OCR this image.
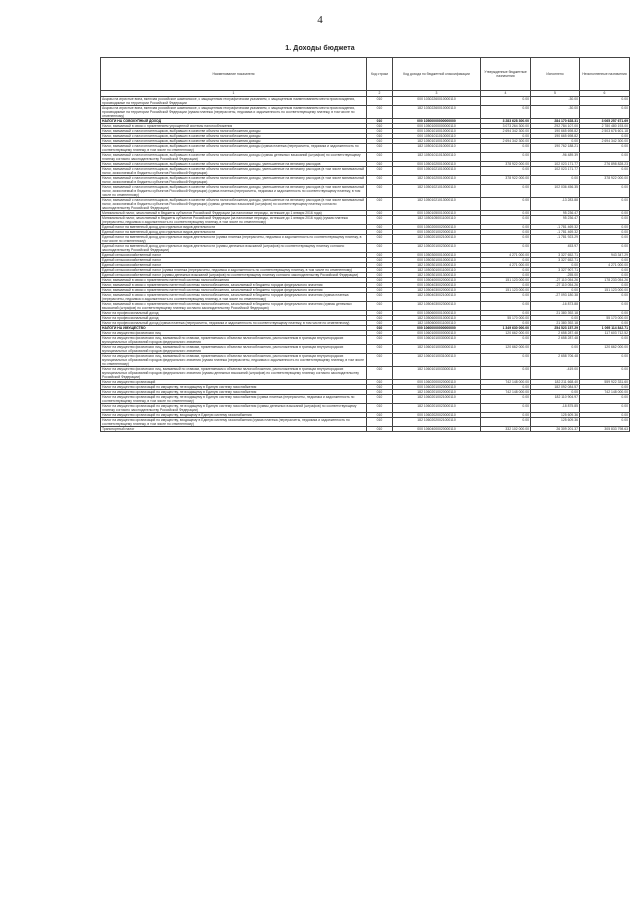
4
1. Доходы бюджета
Наименование показателя	Код строки	Код дохода по бюджетной классификации	Утвержденные бюджетные назначения	Исполнено	Неисполненные назначения
1	2	3	4	5	6
Акцизы на игристые вина, включая российское шампанское, с защищенным географическим указанием, с защищенным наименованием места происхождения, производимые на территории Российской Федерации	010	000 10302260010000110	0.00	-30.00	0.00
Акцизы на игристые вина, включая российское шампанское, с защищенным географическим указанием, с защищенным наименованием места происхождения, производимые на территории Российской Федерации (сумма платежа (перерасчеты, недоимка и задолженность по соответствующему платежу, в том числе по отмененному)	010	182 10302260010000110	0.00	-30.00	0.00
НАЛОГИ НА СОВОКУПНЫЙ ДОХОД	010	000 10500000000000000	3 283 628 300.00	284 170 628.31	3 065 257 671.69
Налог, взимаемый в связи с применением упрощенной системы налогообложения	010	000 10501000000000110	3 073 264 300.00	292 784 107.00	2 780 480 193.00
Налог, взимаемый с налогоплательщиков, выбравших в качестве объекта налогообложения доходы	010	000 10501010010000110	2 694 342 300.00	190 665 698.82	2 503 676 601.18
Налог, взимаемый с налогоплательщиков, выбравших в качестве объекта налогообложения доходы	010	000 10501011010000110	0.00	190 665 698.82	0.00
Налог, взимаемый с налогоплательщиков, выбравших в качестве объекта налогообложения доходы	010	182 10501010010000110	2 694 342 300.00	0.00	2 694 342 300.00
Налог, взимаемый с налогоплательщиков, выбравших в качестве объекта налогообложения доходы (сумма платежа (перерасчеты, недоимка и задолженность по соответствующему платежу, в том числе по отмененному)	010	182 10501011010000110	0.00	190 762 188.21	0.00
Налог, взимаемый с налогоплательщиков, выбравших в качестве объекта налогообложения доходы (суммы денежных взысканий (штрафов) по соответствующему платежу согласно законодательству Российской Федерации)	010	182 10501011013000110	0.00	-96 489.39	0.00
Налог, взимаемый с налогоплательщиков, выбравших в качестве объекта налогообложения доходы, уменьшенные на величину расходов	010	000 10501020010000110	378 922 000.00	102 023 171.77	276 898 828.23
Налог, взимаемый с налогоплательщиков, выбравших в качестве объекта налогообложения доходы, уменьшенные на величину расходов (в том числе минимальный налог, зачисляемый в бюджеты субъектов Российской Федерации)	010	000 10501021010000110	0.00	102 023 171.77	0.00
Налог, взимаемый с налогоплательщиков, выбравших в качестве объекта налогообложения доходы, уменьшенные на величину расходов (в том числе минимальный налог, зачисляемый в бюджеты субъектов Российской Федерации)	010	182 10501020010000110	378 922 000.00	0.00	378 922 000.00
Налог, взимаемый с налогоплательщиков, выбравших в качестве объекта налогообложения доходы, уменьшенные на величину расходов (в том числе минимальный налог, зачисляемый в бюджеты субъектов Российской Федерации) (сумма платежа (перерасчеты, недоимка и задолженность по соответствующему платежу, в том числе по отмененному)	010	182 10501021010000110	0.00	102 036 456.35	0.00
Налог, взимаемый с налогоплательщиков, выбравших в качестве объекта налогообложения доходы, уменьшенные на величину расходов (в том числе минимальный налог, зачисляемый в бюджеты субъектов Российской Федерации) (суммы денежных взысканий (штрафов) по соответствующему платежу согласно законодательству Российской Федерации)	010	182 10501021013000110	0.00	-13 283.88	0.00
Минимальный налог, зачисляемый в бюджеты субъектов Российской Федерации (за налоговые периоды, истекшие до 1 января 2016 года)	010	000 10501050010000110	0.00	95 236.47	0.00
Минимальный налог, зачисляемый в бюджеты субъектов Российской Федерации (за налоговые периоды, истекшие до 1 января 2016 года) (сумма платежа (перерасчеты, недоимка и задолженность по соответствующему платежу, в том числе по отмененному)	010	182 10501050011000110	0.00	95 236.47	0.00
Единый налог на вмененный доход для отдельных видов деятельности	010	000 10502000020000110	0.00	-1 781 469.32	0.00
Единый налог на вмененный доход для отдельных видов деятельности	010	000 10502010020000110	0.00	-1 781 469.32	0.00
Единый налог на вмененный доход для отдельных видов деятельности (сумма платежа (перерасчеты, недоимка и задолженность по соответствующему платежу, в том числе по отмененному)	010	182 10502010021000110	0.00	-1 781 923.29	0.00
Единый налог на вмененный доход для отдельных видов деятельности (суммы денежных взысканий (штрафов) по соответствующему платежу согласно законодательству Российской Федерации)	010	182 10502010023000110	0.00	453.97	0.00
Единый сельскохозяйственный налог	010	000 10503000010000110	4 271 000.00	3 327 652.71	943 347.29
Единый сельскохозяйственный налог	010	000 10503010010000110	0.00	3 327 652.71	0.00
Единый сельскохозяйственный налог	010	182 10503010010000110	4 271 000.00	0.00	4 271 000.00
Единый сельскохозяйственный налог (сумма платежа (перерасчеты, недоимка и задолженность по соответствующему платежу, в том числе по отмененному)	010	182 10503010011000110	0.00	3 327 907.71	0.00
Единый сельскохозяйственный налог (суммы денежных взысканий (штрафов) по соответствующему платежу согласно законодательству Российской Федерации)	010	182 10503010013000110	0.00	-255.00	0.00
Налог, взимаемый в связи с применением патентной системы налогообложения	010	000 10504000020000110	151 123 000.00	-27 110 054.26	178 233 054.26
Налог, взимаемый в связи с применением патентной системы налогообложения, зачисляемый в бюджеты городов федерального значения	010	000 10504030020000110	0.00	-27 110 054.26	0.00
Налог, взимаемый в связи с применением патентной системы налогообложения, зачисляемый в бюджеты городов федерального значения	010	182 10504030020000110	151 123 000.00	0.00	151 123 000.00
Налог, взимаемый в связи с применением патентной системы налогообложения, зачисляемый в бюджеты городов федерального значения (сумма платежа (перерасчеты, недоимка и задолженность по соответствующему платежу, в том числе по отмененному)	010	182 10504030021000110	0.00	-27 093 180.38	0.00
Налог, взимаемый в связи с применением патентной системы налогообложения, зачисляемый в бюджеты городов федерального значения (суммы денежных взысканий (штрафов) по соответствующему платежу согласно законодательству Российской Федерации)	010	182 10504030023000110	0.00	-16 873.88	0.00
Налог на профессиональный доход	010	000 10506000010000110	0.00	21 380 392.18	0.00
Налог на профессиональный доход	010	182 10506000010000110	55 170 000.00	0.00	55 170 000.00
Налог на профессиональный доход (сумма платежа (перерасчеты, недоимка и задолженность по соответствующему платежу, в том числе по отмененному)	010	182 10506000011000110	0.00	21 380 392.18	0.00
НАЛОГИ НА ИМУЩЕСТВО	010	000 10600000000000000	1 349 630 000.00	254 523 157.29	1 095 114 842.71
Налог на имущество физических лиц	010	000 10601000000000110	120 662 000.00	2 658 287.48	117 603 712.52
Налог на имущество физических лиц, взимаемый по ставкам, применяемым к объектам налогообложения, расположенным в границах внутригородских муниципальных образований городов федерального значения	010	000 10601010030000110	0.00	2 658 287.48	0.00
Налог на имущество физических лиц, взимаемый по ставкам, применяемым к объектам налогообложения, расположенным в границах внутригородских муниципальных образований городов федерального значения	010	182 10601010030000110	120 662 000.00	0.00	120 662 000.00
Налог на имущество физических лиц, взимаемый по ставкам, применяемым к объектам налогообложения, расположенным в границах внутригородских муниципальных образований городов федерального значения (сумма платежа (перерасчеты, недоимка и задолженность по соответствующему платежу, в том числе по отмененному)	010	182 10601010031000110	0.00	2 658 706.48	0.00
Налог на имущество физических лиц, взимаемый по ставкам, применяемым к объектам налогообложения, расположенным в границах внутригородских муниципальных образований городов федерального значения (суммы денежных взысканий (штрафов) по соответствующему платежу согласно законодательству Российской Федерации)	010	182 10601010033000110	0.00	-419.00	0.00
Налог на имущество организаций	010	000 10602000020000110	742 148 000.00	182 211 668.40	559 922 331.60
Налог на имущество организаций по имуществу, не входящему в Единую систему газоснабжения	010	000 10602010020000110	0.00	182 092 084.57	0.00
Налог на имущество организаций по имуществу, не входящему в Единую систему газоснабжения	010	182 10602010020000110	742 148 000.00	0.00	742 148 000.00
Налог на имущество организаций по имуществу, не входящему в Единую систему газоснабжения (сумма платежа (перерасчеты, недоимка и задолженность по соответствующему платежу, в том числе по отмененному)	010	182 10602010021000110	0.00	182 110 904.97	0.00
Налог на имущество организаций по имуществу, не входящему в Единую систему газоснабжения (суммы денежных взысканий (штрафов) по соответствующему платежу согласно законодательству Российской Федерации)	010	182 10602010023000110	0.00	-18 875.85	0.00
Налог на имущество организаций по имуществу, входящему в Единую систему газоснабжения	010	000 10602020020000110	0.00	125 609.36	0.00
Налог на имущество организаций по имуществу, входящему в Единую систему газоснабжения (сумма платежа (перерасчеты, недоимка и задолженность по соответствующему платежу, в том числе по отмененному)	010	182 10602020021000110	0.00	125 609.36	0.00
Транспортный налог	010	000 10604000020000110	332 102 000.00	26 309 201.37	305 833 798.63
